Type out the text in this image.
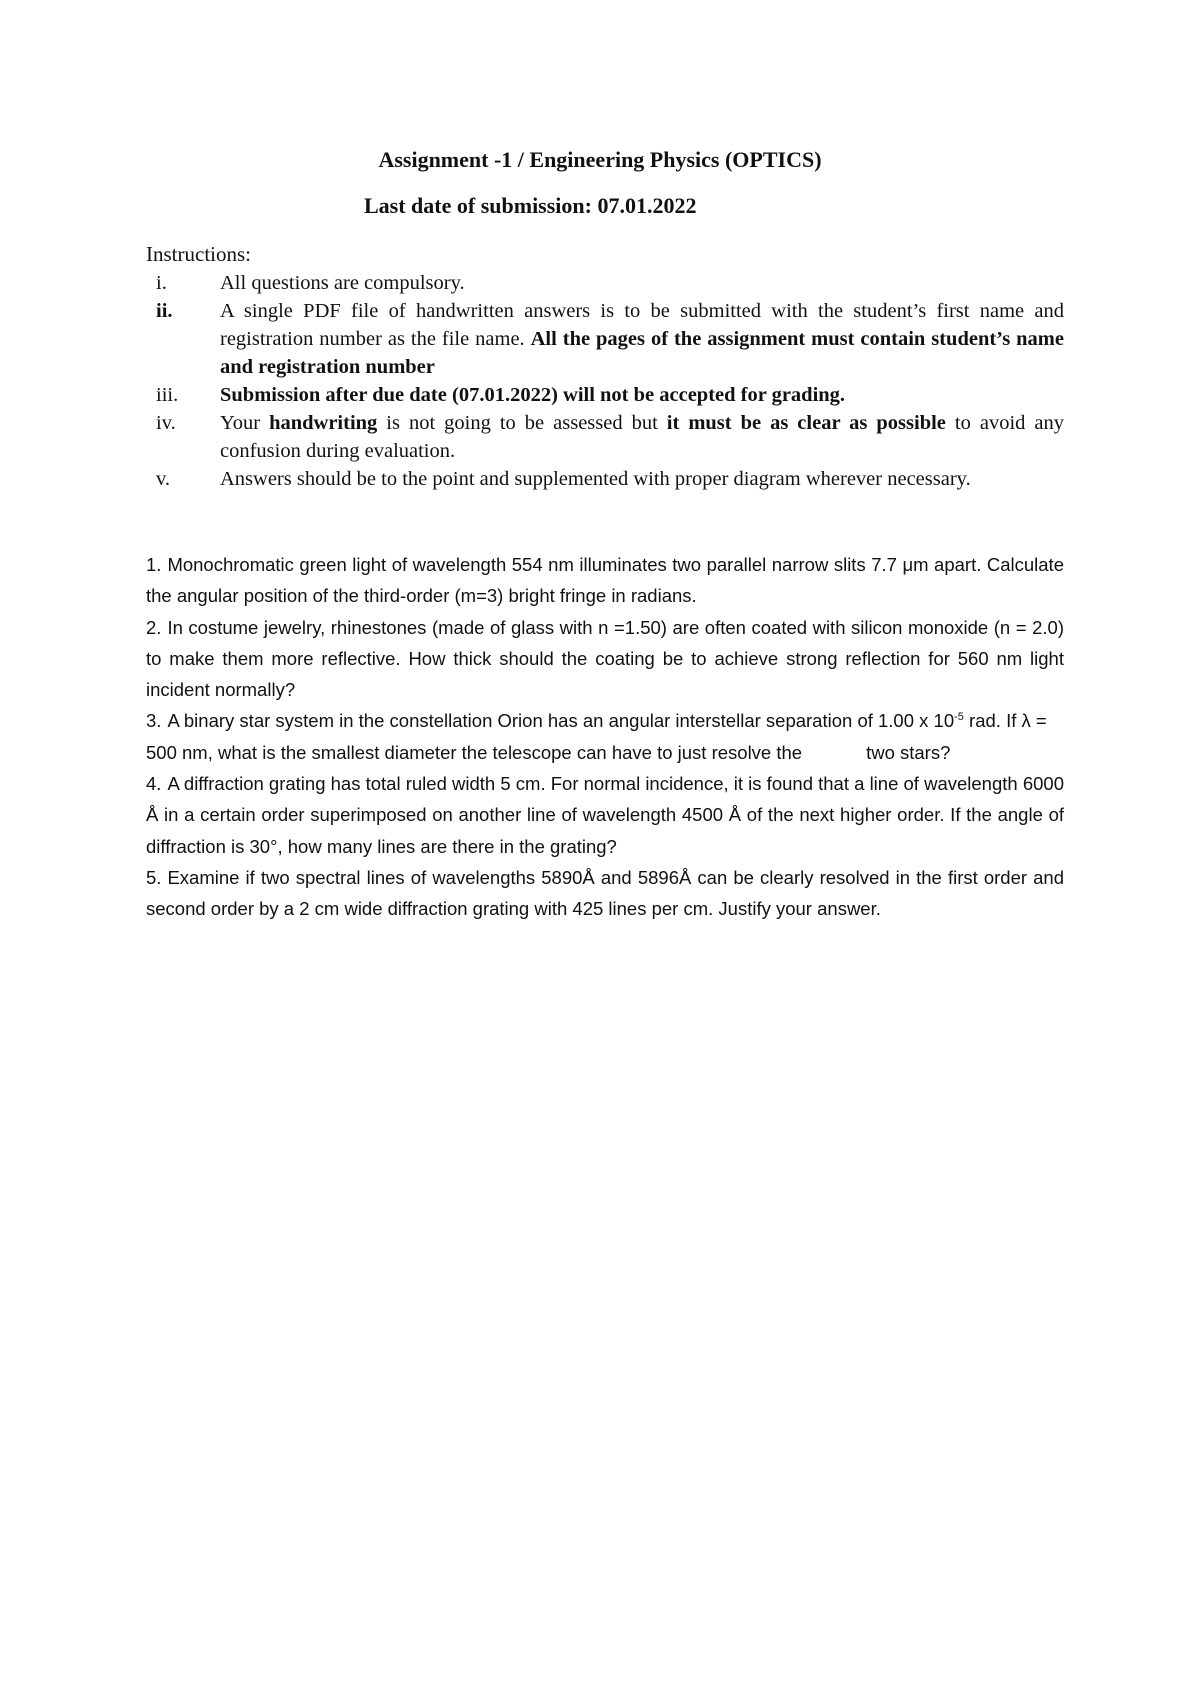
Assignment -1 / Engineering Physics (OPTICS)
Last date of submission: 07.01.2022
Instructions:
i.	All questions are compulsory.
ii. A single PDF file of handwritten answers is to be submitted with the student’s first name and registration number as the file name. All the pages of the assignment must contain student’s name and registration number
iii. Submission after due date (07.01.2022) will not be accepted for grading.
iv. Your handwriting is not going to be assessed but it must be as clear as possible to avoid any confusion during evaluation.
v. Answers should be to the point and supplemented with proper diagram wherever necessary.

1. Monochromatic green light of wavelength 554 nm illuminates two parallel narrow slits 7.7 μm apart. Calculate the angular position of the third-order (m=3) bright fringe in radians.

2. In costume jewelry, rhinestones (made of glass with n =1.50) are often coated with silicon monoxide (n = 2.0) to make them more reflective. How thick should the coating be to achieve strong reflection for 560 nm light incident normally?

3. A binary star system in the constellation Orion has an angular interstellar separation of 1.00 x $10^{-5}$ rad. If λ = 500 nm, what is the smallest diameter the telescope can have to just resolve the	two stars?

4. A diffraction grating has total ruled width 5 cm. For normal incidence, it is found that a line of wavelength 6000 Å in a certain order superimposed on another line of wavelength 4500 Å of the next higher order. If the angle of diffraction is 30°, how many lines are there in the grating?

5. Examine if two spectral lines of wavelengths 5890Å and 5896Å can be clearly resolved in the first order and second order by a 2 cm wide diffraction grating with 425 lines per cm. Justify your answer.
